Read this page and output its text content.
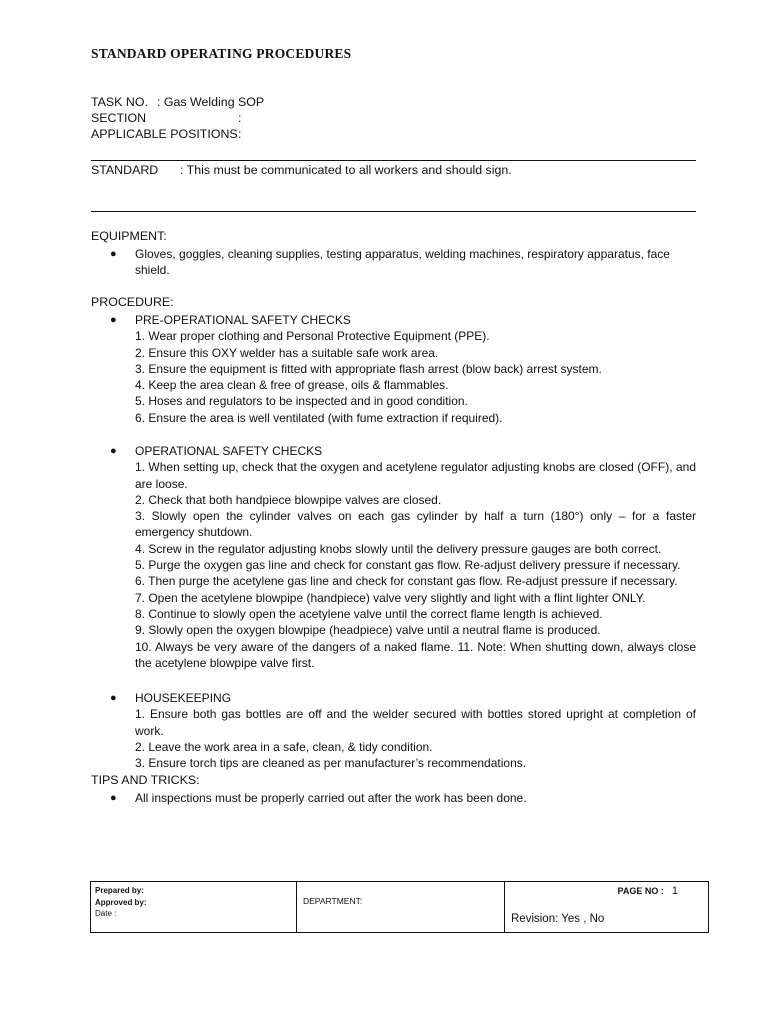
STANDARD OPERATING PROCEDURES
TASK NO. : Gas Welding SOP
SECTION	:
APPLICABLE POSITIONS:
STANDARD : This must be communicated to all workers and should sign.
EQUIPMENT:
● Gloves, goggles, cleaning supplies, testing apparatus, welding machines, respiratory apparatus, face shield.
PROCEDURE:
● PRE-OPERATIONAL SAFETY CHECKS
1. Wear proper clothing and Personal Protective Equipment (PPE).
2. Ensure this OXY welder has a suitable safe work area.
3. Ensure the equipment is fitted with appropriate flash arrest (blow back) arrest system.
4. Keep the area clean & free of grease, oils & flammables.
5. Hoses and regulators to be inspected and in good condition.
6. Ensure the area is well ventilated (with fume extraction if required).
● OPERATIONAL SAFETY CHECKS
1. When setting up, check that the oxygen and acetylene regulator adjusting knobs are closed (OFF), and are loose.
2. Check that both handpiece blowpipe valves are closed.
3. Slowly open the cylinder valves on each gas cylinder by half a turn (180°) only – for a faster emergency shutdown.
4. Screw in the regulator adjusting knobs slowly until the delivery pressure gauges are both correct.
5. Purge the oxygen gas line and check for constant gas flow. Re-adjust delivery pressure if necessary.
6. Then purge the acetylene gas line and check for constant gas flow. Re-adjust pressure if necessary.
7. Open the acetylene blowpipe (handpiece) valve very slightly and light with a flint lighter ONLY.
8. Continue to slowly open the acetylene valve until the correct flame length is achieved.
9. Slowly open the oxygen blowpipe (headpiece) valve until a neutral flame is produced.
10. Always be very aware of the dangers of a naked flame. 11. Note: When shutting down, always close the acetylene blowpipe valve first.
● HOUSEKEEPING
1. Ensure both gas bottles are off and the welder secured with bottles stored upright at completion of work.
2. Leave the work area in a safe, clean, & tidy condition.
3. Ensure torch tips are cleaned as per manufacturer’s recommendations.
TIPS AND TRICKS:
● All inspections must be properly carried out after the work has been done.
Prepared by:
Approved by:
Date :
DEPARTMENT:
PAGE NO : 1
Revision: Yes , No
